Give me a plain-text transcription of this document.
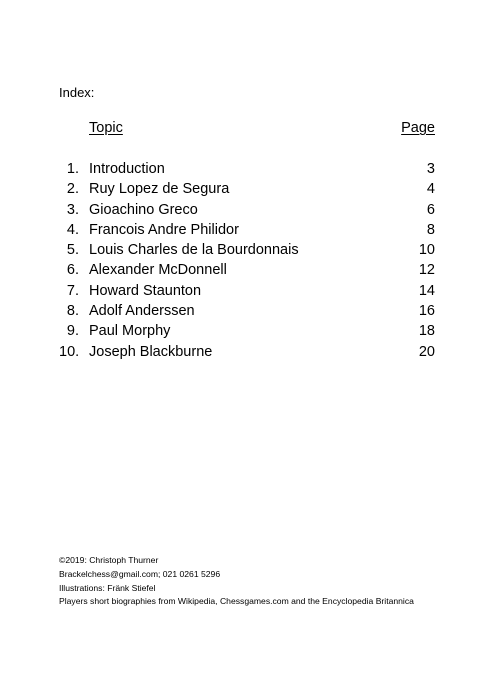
Index:
Topic	Page
1. Introduction	3
2. Ruy Lopez de Segura	4
3. Gioachino Greco	6
4. Francois Andre Philidor	8
5. Louis Charles de la Bourdonnais	10
6. Alexander McDonnell	12
7. Howard Staunton	14
8. Adolf Anderssen	16
9. Paul Morphy	18
10. Joseph Blackburne	20
©2019: Christoph Thurner
Brackelchess@gmail.com; 021 0261 5296
Illustrations: Fränk Stiefel
Players short biographies from Wikipedia, Chessgames.com and the Encyclopedia Britannica
